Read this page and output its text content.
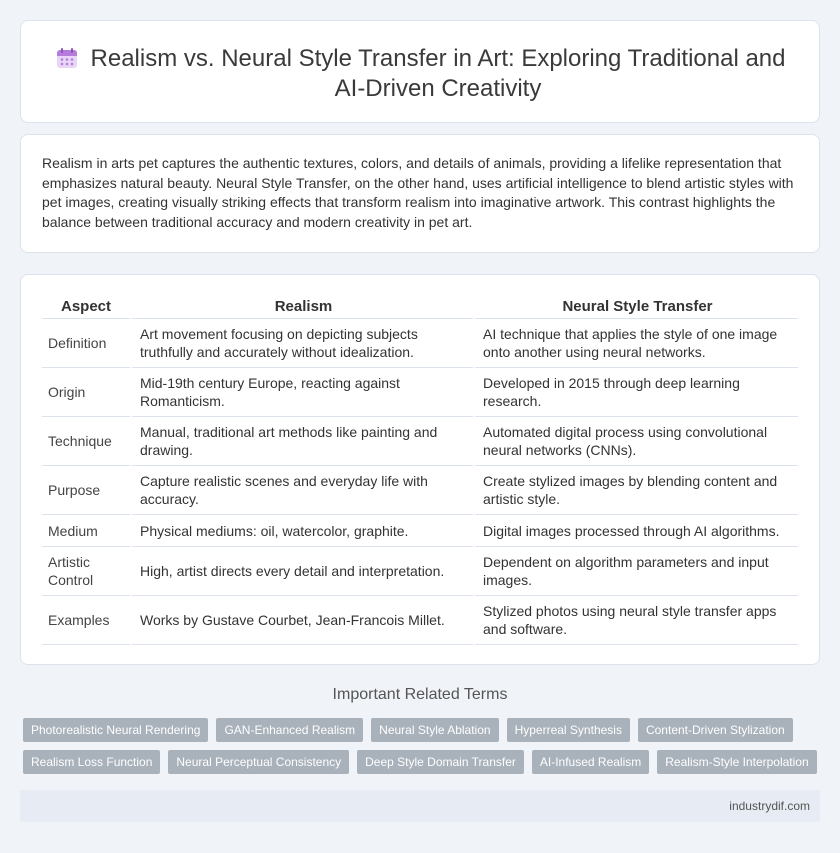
Realism vs. Neural Style Transfer in Art: Exploring Traditional and AI-Driven Creativity

Realism in arts pet captures the authentic textures, colors, and details of animals, providing a lifelike representation that emphasizes natural beauty. Neural Style Transfer, on the other hand, uses artificial intelligence to blend artistic styles with pet images, creating visually striking effects that transform realism into imaginative artwork. This contrast highlights the balance between traditional accuracy and modern creativity in pet art.

Aspect	Realism	Neural Style Transfer
Definition	Art movement focusing on depicting subjects truthfully and accurately without idealization.	AI technique that applies the style of one image onto another using neural networks.
Origin	Mid-19th century Europe, reacting against Romanticism.	Developed in 2015 through deep learning research.
Technique	Manual, traditional art methods like painting and drawing.	Automated digital process using convolutional neural networks (CNNs).
Purpose	Capture realistic scenes and everyday life with accuracy.	Create stylized images by blending content and artistic style.
Medium	Physical mediums: oil, watercolor, graphite.	Digital images processed through AI algorithms.
Artistic Control	High, artist directs every detail and interpretation.	Dependent on algorithm parameters and input images.
Examples	Works by Gustave Courbet, Jean-Francois Millet.	Stylized photos using neural style transfer apps and software.
Important Related Terms
Photorealistic Neural Rendering	GAN-Enhanced Realism	Neural Style Ablation	Hyperreal Synthesis	Content-Driven Stylization
Realism Loss Function	Neural Perceptual Consistency	Deep Style Domain Transfer	AI-Infused Realism	Realism-Style Interpolation
industrydif.com
